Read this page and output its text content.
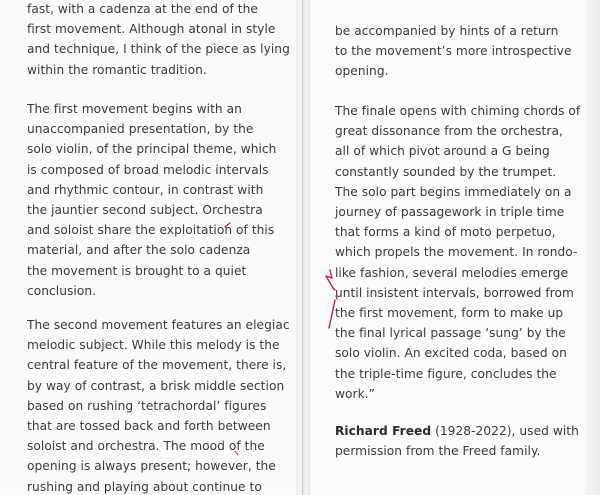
fast, with a cadenza at the end of the
first movement. Although atonal in style
and technique, I think of the piece as lying
within the romantic tradition.

The first movement begins with an
unaccompanied presentation, by the
solo violin, of the principal theme, which
is composed of broad melodic intervals
and rhythmic contour, in contrast with
the jauntier second subject. Orchestra
and soloist share the exploitation of this
material, and after the solo cadenza
the movement is brought to a quiet
conclusion.

The second movement features an elegiac
melodic subject. While this melody is the
central feature of the movement, there is,
by way of contrast, a brisk middle section
based on rushing ‘tetrachordal’ figures
that are tossed back and forth between
soloist and orchestra. The mood of the
opening is always present; however, the
rushing and playing about continue to

be accompanied by hints of a return
to the movement’s more introspective
opening.

The finale opens with chiming chords of
great dissonance from the orchestra,
all of which pivot around a G being
constantly sounded by the trumpet.
The solo part begins immediately on a
journey of passagework in triple time
that forms a kind of moto perpetuo,
which propels the movement. In rondo-
like fashion, several melodies emerge
until insistent intervals, borrowed from
the first movement, form to make up
the final lyrical passage ‘sung’ by the
solo violin. An excited coda, based on
the triple-time figure, concludes the
work.”

Richard Freed (1928-2022), used with
permission from the Freed family.
